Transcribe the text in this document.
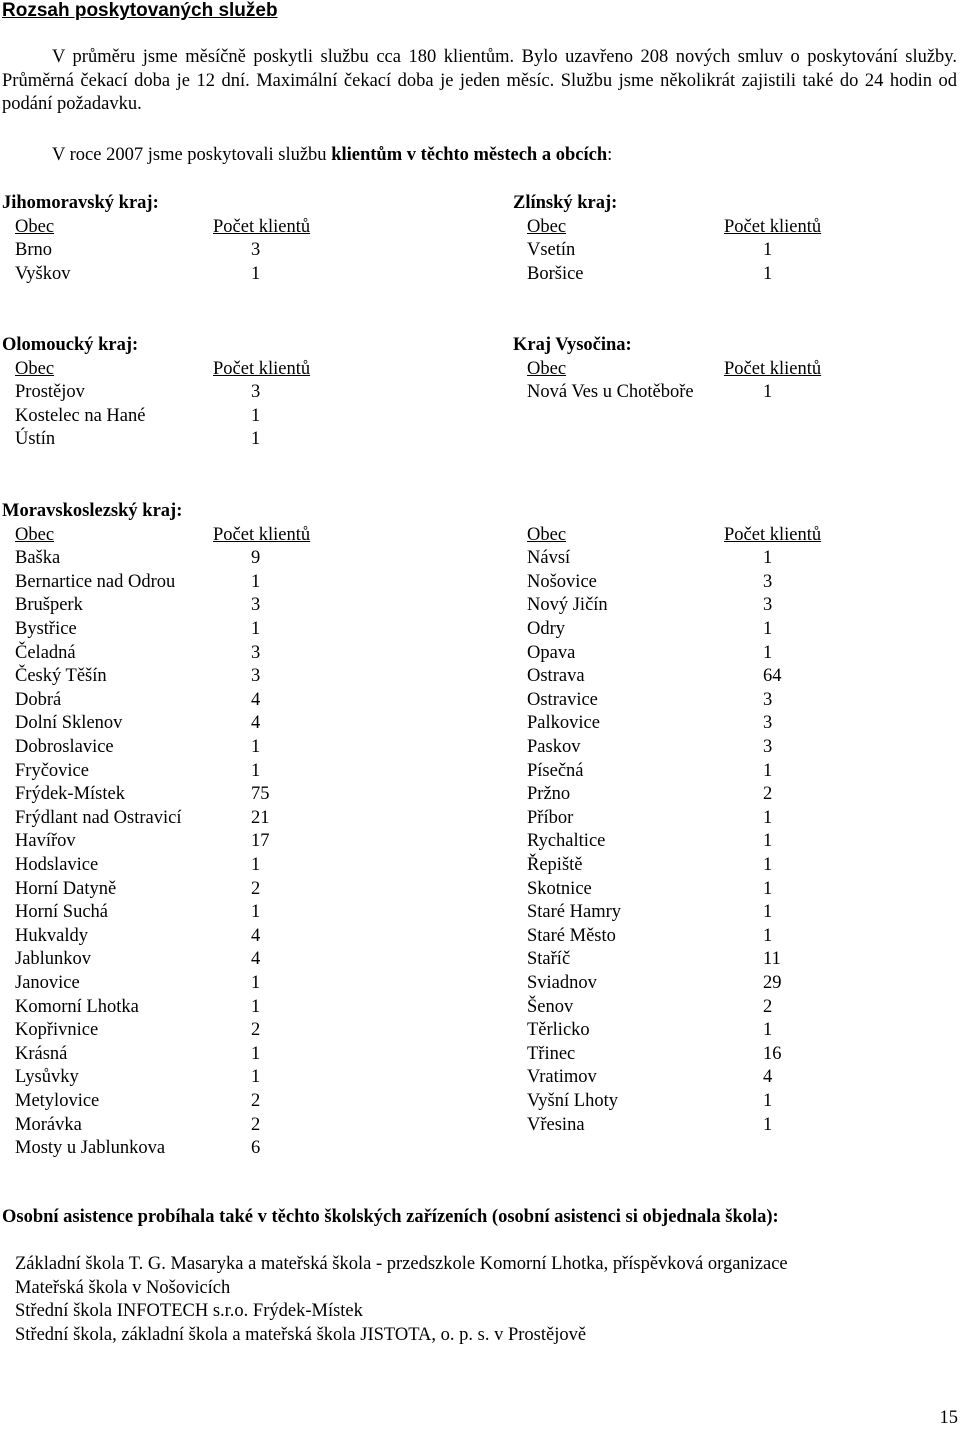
Rozsah poskytovaných služeb
V průměru jsme měsíčně poskytli službu cca 180 klientům. Bylo uzavřeno 208 nových smluv o poskytování služby. Průměrná čekací doba je 12 dní. Maximální čekací doba je jeden měsíc. Službu jsme několikrát zajistili také do 24 hodin od podání požadavku.
V roce 2007 jsme poskytovali službu klientům v těchto městech a obcích:
Jihomoravský kraj:
Obec	Počet klientů
Brno	3
Vyškov	1
Zlínský kraj:
Obec	Počet klientů
Vsetín	1
Boršice	1
Olomoucký kraj:
Obec	Počet klientů
Prostějov	3
Kostelec na Hané	1
Ústín	1
Kraj Vysočina:
Obec	Počet klientů
Nová Ves u Chotěboře	1
Moravskoslezský kraj:
Obec	Počet klientů
Baška	9
Bernartice nad Odrou	1
Brušperk	3
Bystřice	1
Čeladná	3
Český Těšín	3
Dobrá	4
Dolní Sklenov	4
Dobroslavice	1
Fryčovice	1
Frýdek-Místek	75
Frýdlant nad Ostravicí	21
Havířov	17
Hodslavice	1
Horní Datyně	2
Horní Suchá	1
Hukvaldy	4
Jablunkov	4
Janovice	1
Komorní Lhotka	1
Kopřivnice	2
Krásná	1
Lysůvky	1
Metylovice	2
Morávka	2
Mosty u Jablunkova	6
Obec	Počet klientů
Návsí	1
Nošovice	3
Nový Jičín	3
Odry	1
Opava	1
Ostrava	64
Ostravice	3
Palkovice	3
Paskov	3
Písečná	1
Pržno	2
Příbor	1
Rychaltice	1
Řepiště	1
Skotnice	1
Staré Hamry	1
Staré Město	1
Staříč	11
Sviadnov	29
Šenov	2
Těrlicko	1
Třinec	16
Vratimov	4
Vyšní Lhoty	1
Vřesina	1
Osobní asistence probíhala také v těchto školských zařízeních (osobní asistenci si objednala škola):
Základní škola T. G. Masaryka a mateřská škola - przedszkole Komorní Lhotka, příspěvková organizace
Mateřská škola v Nošovicích
Střední škola INFOTECH s.r.o. Frýdek-Místek
Střední škola, základní škola a mateřská škola JISTOTA, o. p. s. v Prostějově
15
